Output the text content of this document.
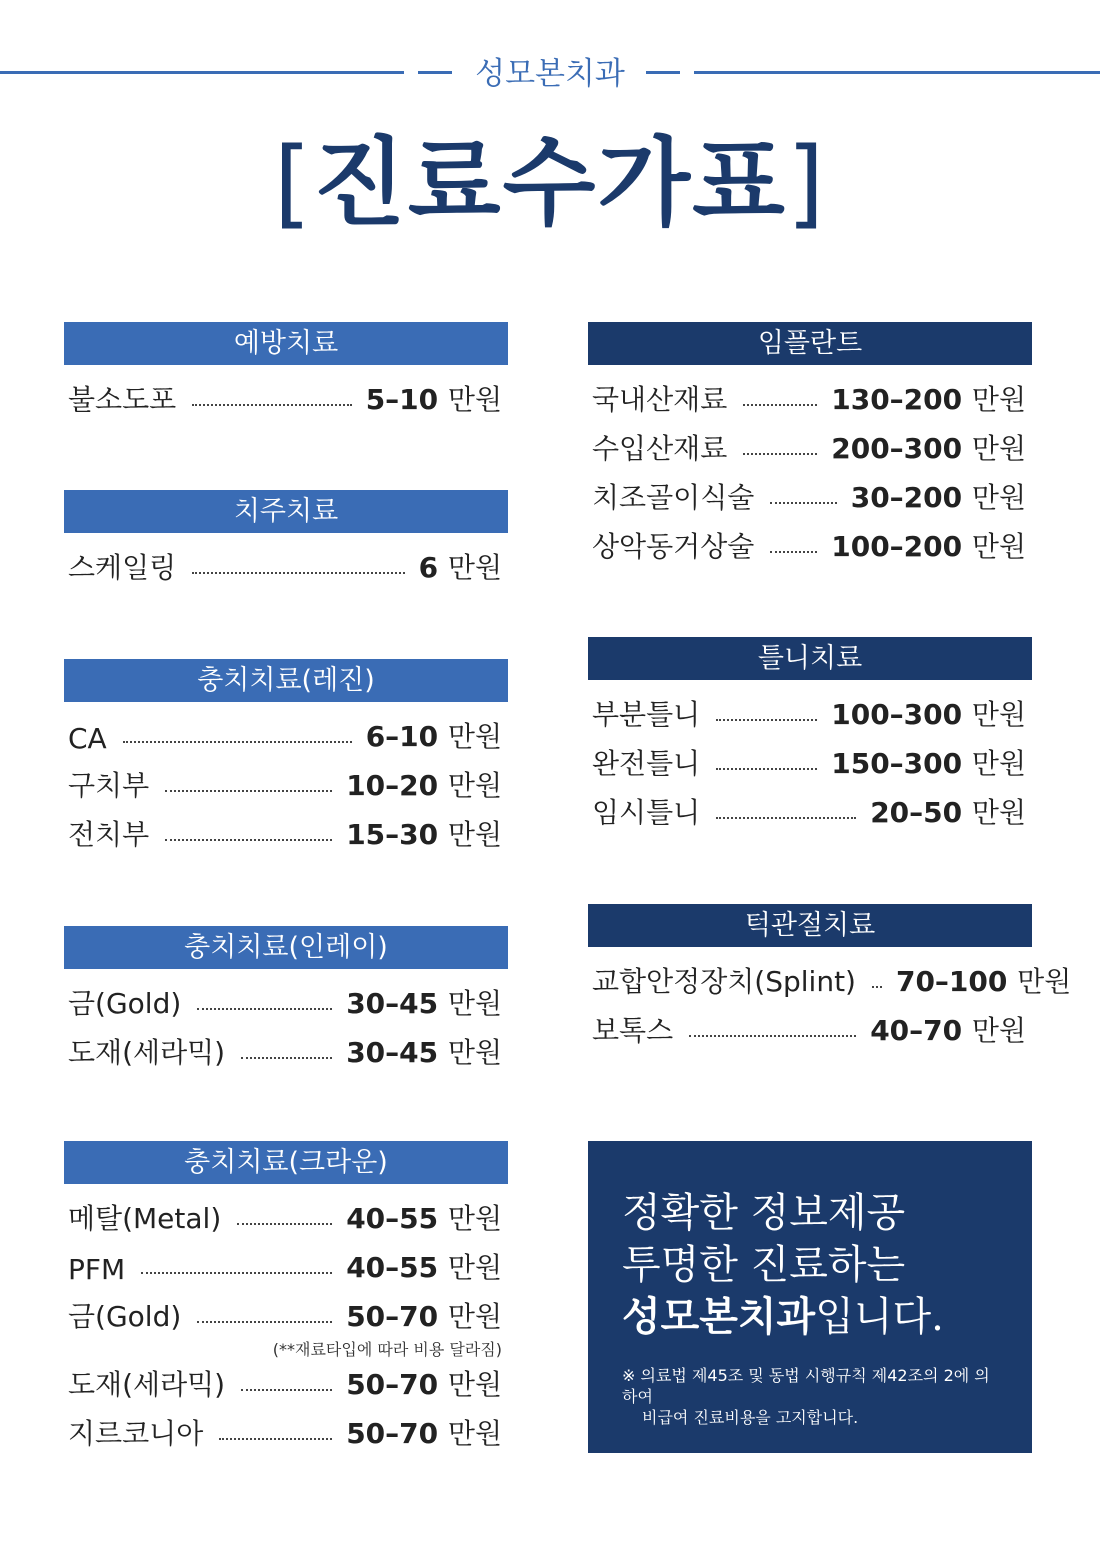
성모본치과
[진료수가표]
예방치료
불소도포	5–10 만원
치주치료
스케일링	6 만원
충치치료(레진)
CA	6–10 만원
구치부	10–20 만원
전치부	15–30 만원
충치치료(인레이)
금(Gold)	30–45 만원
도재(세라믹)	30–45 만원
충치치료(크라운)
메탈(Metal)	40–55 만원
PFM	40–55 만원
금(Gold)	50–70 만원
(**재료타입에 따라 비용 달라짐)
도재(세라믹)	50–70 만원
지르코니아	50–70 만원
임플란트
국내산재료	130–200 만원
수입산재료	200–300 만원
치조골이식술	30–200 만원
상악동거상술	100–200 만원
틀니치료
부분틀니	100–300 만원
완전틀니	150–300 만원
임시틀니	20–50 만원
턱관절치료
교합안정장치(Splint) 70–100 만원
보톡스	40–70 만원
정확한 정보제공
투명한 진료하는
성모본치과입니다.
※ 의료법 제45조 및 동법 시행규칙 제42조의 2에 의하여
비급여 진료비용을 고지합니다.
